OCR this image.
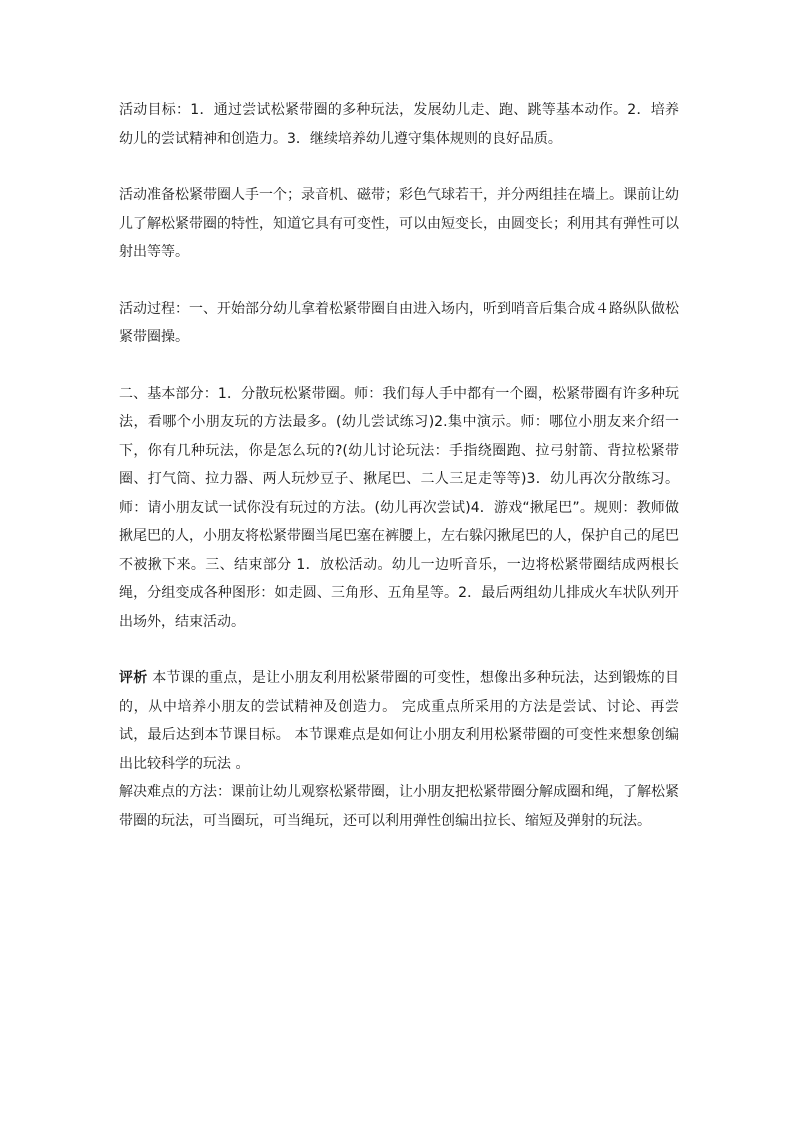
活动目标：1．通过尝试松紧带圈的多种玩法，发展幼儿走、跑、跳等基本动作。2．培养幼儿的尝试精神和创造力。3．继续培养幼儿遵守集体规则的良好品质。

活动准备松紧带圈人手一个；录音机、磁带；彩色气球若干，并分两组挂在墙上。课前让幼儿了解松紧带圈的特性，知道它具有可变性，可以由短变长，由圆变长；利用其有弹性可以射出等等。

活动过程：一、开始部分幼儿拿着松紧带圈自由进入场内，听到哨音后集合成４路纵队做松紧带圈操。

二、基本部分：1．分散玩松紧带圈。师：我们每人手中都有一个圈，松紧带圈有许多种玩法，看哪个小朋友玩的方法最多。(幼儿尝试练习)2.集中演示。师：哪位小朋友来介绍一下，你有几种玩法，你是怎么玩的?(幼儿讨论玩法：手指绕圈跑、拉弓射箭、背拉松紧带圈、打气筒、拉力器、两人玩炒豆子、揪尾巴、二人三足走等等)3．幼儿再次分散练习。师：请小朋友试一试你没有玩过的方法。(幼儿再次尝试)4．游戏“揪尾巴”。规则：教师做揪尾巴的人，小朋友将松紧带圈当尾巴塞在裤腰上，左右躲闪揪尾巴的人，保护自己的尾巴不被揪下来。三、结束部分 1．放松活动。幼儿一边听音乐，一边将松紧带圈结成两根长绳，分组变成各种图形：如走圆、三角形、五角星等。2．最后两组幼儿排成火车状队列开出场外，结束活动。

评析 本节课的重点，是让小朋友利用松紧带圈的可变性，想像出多种玩法，达到锻炼的目的，从中培养小朋友的尝试精神及创造力。 完成重点所采用的方法是尝试、讨论、再尝试，最后达到本节课目标。 本节课难点是如何让小朋友利用松紧带圈的可变性来想象创编出比较科学的玩法 。

解决难点的方法：课前让幼儿观察松紧带圈，让小朋友把松紧带圈分解成圈和绳，了解松紧带圈的玩法，可当圈玩，可当绳玩，还可以利用弹性创编出拉长、缩短及弹射的玩法。
